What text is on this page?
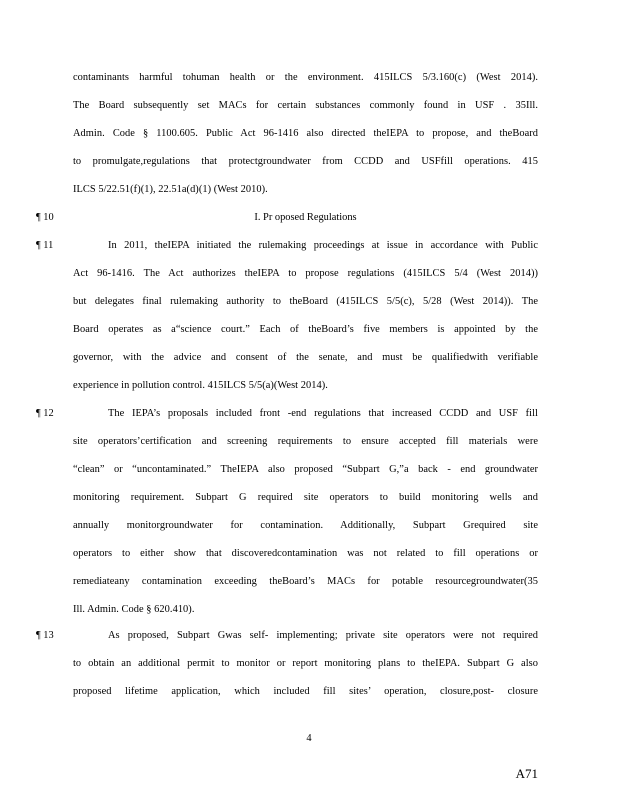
contaminants harmful tohuman health or the environment. 415ILCS 5/3.160(c) (West 2014).
The Board subsequently set MACs for certain substances commonly found in USF . 35Ill.
Admin. Code § 1100.605. Public Act 96-1416 also directed theIEPA to propose, and theBoard
to promulgate,regulations that protectgroundwater from CCDD and USFfill operations. 415
ILCS 5/22.51(f)(1), 22.51a(d)(1) (West 2010).
¶ 10	I. Pr oposed Regulations
¶ 11	In 2011, theIEPA initiated the rulemaking proceedings at issue in accordance with Public
Act 96-1416. The Act authorizes theIEPA to propose regulations (415ILCS 5/4 (West 2014))
but delegates final rulemaking authority to theBoard (415ILCS 5/5(c), 5/28 (West 2014)). The
Board operates as a“science court.” Each of theBoard’s five members is appointed by the
governor, with the advice and consent of the senate, and must be qualifiedwith verifiable
experience in pollution control. 415ILCS 5/5(a)(West 2014).
¶ 12	The IEPA’s proposals included front -end regulations that increased CCDD and USF fill
site operators’certification and screening requirements to ensure accepted fill materials were
“clean” or “uncontaminated.” TheIEPA also proposed “Subpart G,”a back - end groundwater
monitoring requirement. Subpart G required site operators to build monitoring wells and
annually monitorgroundwater for contamination. Additionally, Subpart Grequired site
operators to either show that discoveredcontamination was not related to fill operations or
remediateany contamination exceeding theBoard’s MACs for potable resourcegroundwater(35
Ill. Admin. Code § 620.410).
¶ 13	As proposed, Subpart Gwas self- implementing; private site operators were not required
to obtain an additional permit to monitor or report monitoring plans to theIEPA. Subpart G also
proposed lifetime application, which included fill sites’ operation, closure,post- closure
4
A71
